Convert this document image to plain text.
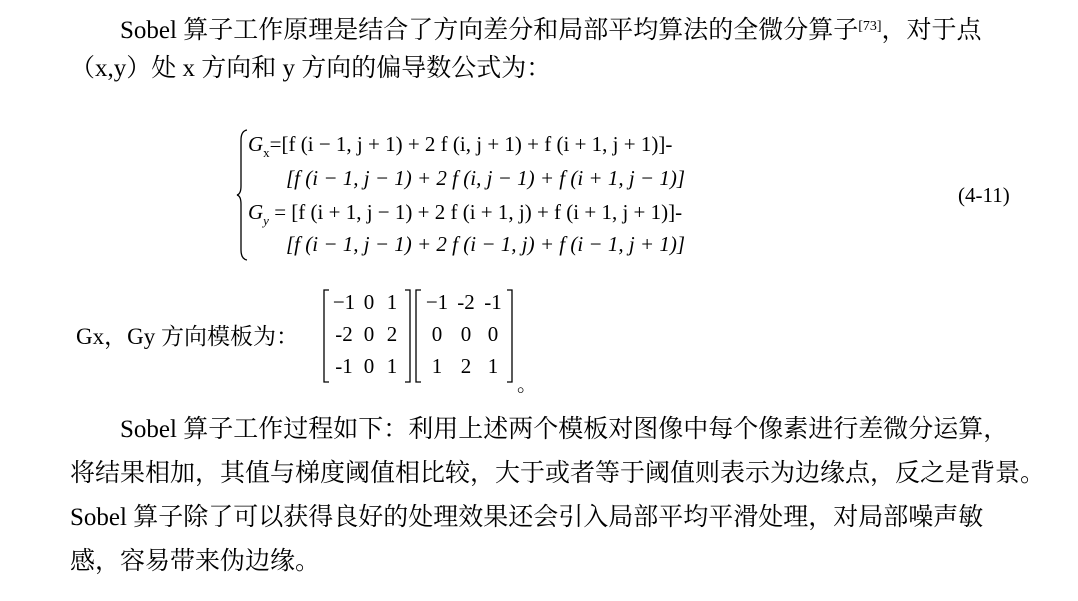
Sobel 算子工作原理是结合了方向差分和局部平均算法的全微分算子[73]，对于点
（x,y）处 x 方向和 y 方向的偏导数公式为：

$G_x=[f$ (i − 1, j + 1) + 2 f (i, j + 1) + f (i + 1, j + 1)]-
[f (i − 1, j − 1) + 2 f (i, j − 1) + f (i + 1, j − 1)]
$G_y = [f$ (i + 1, j − 1) + 2 f (i + 1, j) + f (i + 1, j + 1)]-
[f (i − 1, j − 1) + 2 f (i − 1, j) + f (i − 1, j + 1)]
(4-11)
Gx，Gy 方向模板为：
−1 0 1
-2 0 2
-1 0 1
−1 -2 -1
0 0 0
1 2 1
。

Sobel 算子工作过程如下：利用上述两个模板对图像中每个像素进行差微分运算，
将结果相加，其值与梯度阈值相比较，大于或者等于阈值则表示为边缘点，反之是背景。
Sobel 算子除了可以获得良好的处理效果还会引入局部平均平滑处理，对局部噪声敏
感，容易带来伪边缘。
